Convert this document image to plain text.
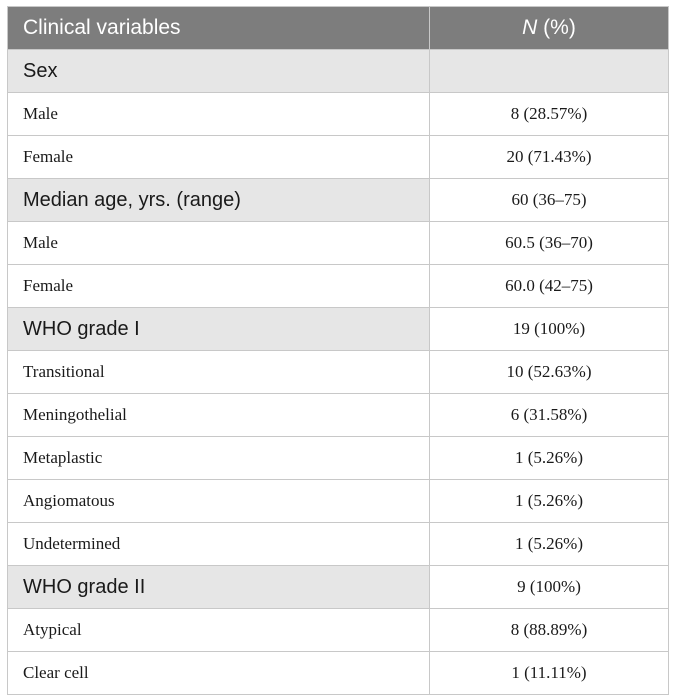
Clinical variables	N (%)
Sex	
Male	8 (28.57%)
Female	20 (71.43%)
Median age, yrs. (range)	60 (36–75)
Male	60.5 (36–70)
Female	60.0 (42–75)
WHO grade I	19 (100%)
Transitional	10 (52.63%)
Meningothelial	6 (31.58%)
Metaplastic	1 (5.26%)
Angiomatous	1 (5.26%)
Undetermined	1 (5.26%)
WHO grade II	9 (100%)
Atypical	8 (88.89%)
Clear cell	1 (11.11%)
